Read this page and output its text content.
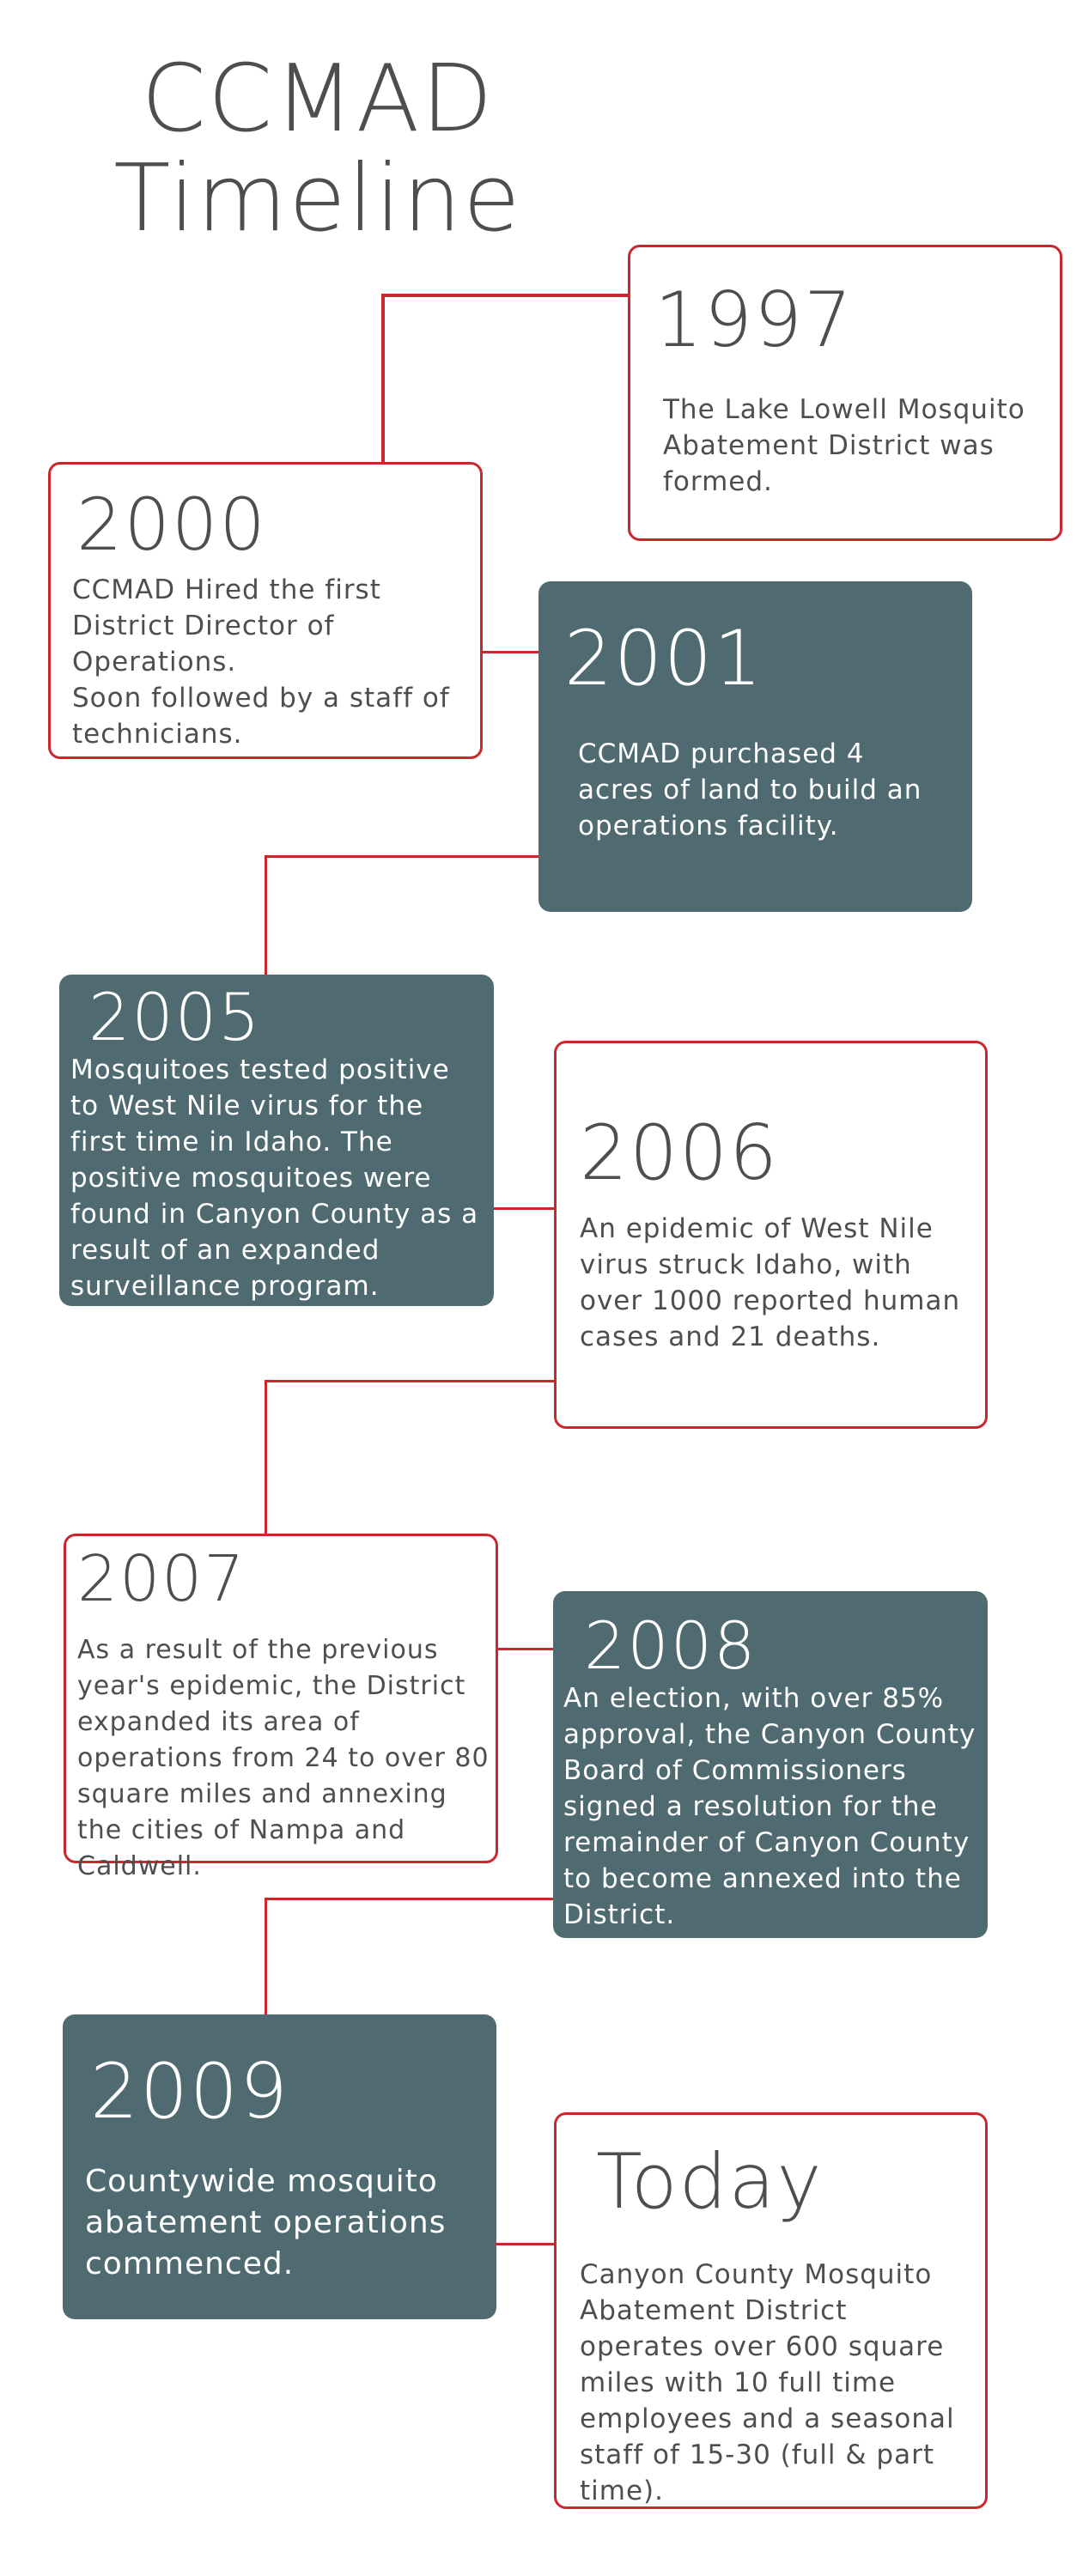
CCMAD
Timeline
1997
The Lake Lowell Mosquito Abatement District was formed.
2000
CCMAD Hired the first District Director of Operations.
Soon followed by a staff of technicians.
2001
CCMAD purchased 4 acres of land to build an operations facility.
2005
Mosquitoes tested positive to West Nile virus for the first time in Idaho. The positive mosquitoes were found in Canyon County as a result of an expanded surveillance program.
2006
An epidemic of West Nile virus struck Idaho, with over 1000 reported human cases and 21 deaths.
2007
As a result of the previous year's epidemic, the District expanded its area of operations from 24 to over 80 square miles and annexing the cities of Nampa and Caldwell.
2008
An election, with over 85% approval, the Canyon County Board of Commissioners signed a resolution for the remainder of Canyon County to become annexed into the District.
2009
Countywide mosquito abatement operations commenced.
Today
Canyon County Mosquito Abatement District operates over 600 square miles with 10 full time employees and a seasonal staff of 15-30 (full & part time).
